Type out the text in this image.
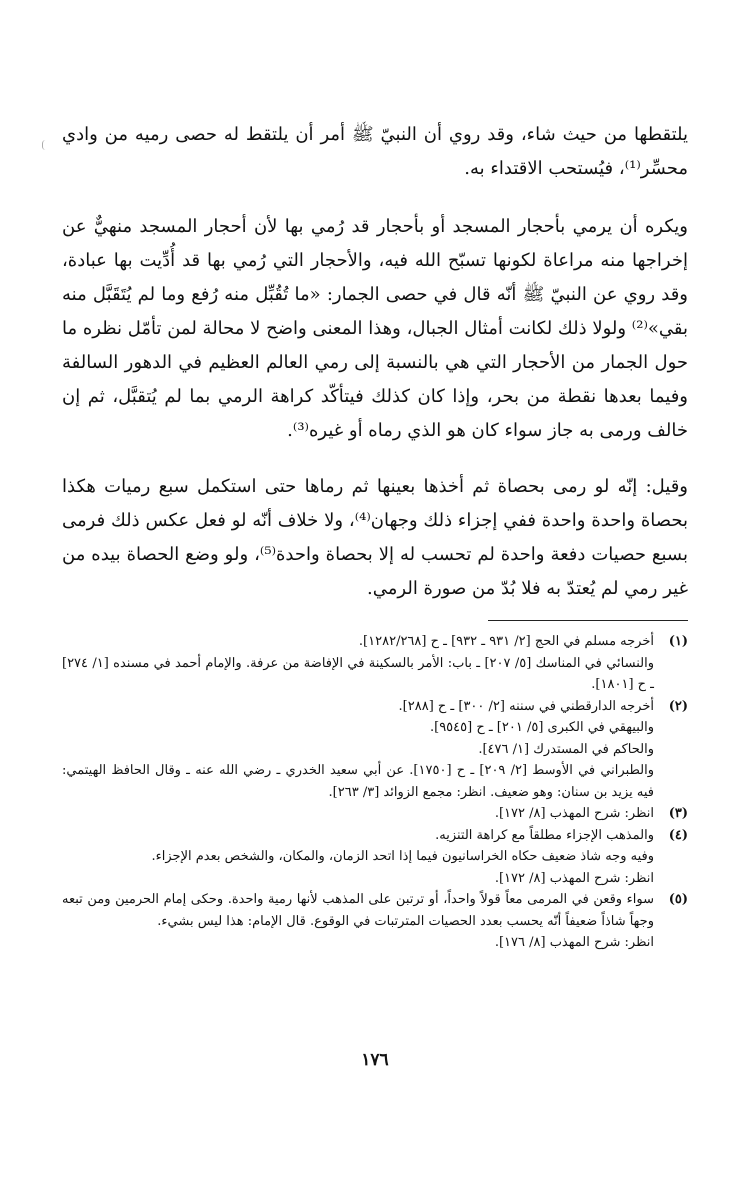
يلتقطها من حيث شاء، وقد روي أن النبيّ ﷺ أمر أن يلتقط له حصى رميه من وادي محسِّر⁽¹⁾، فيُستحب الاقتداء به.

ويكره أن يرمي بأحجار المسجد أو بأحجار قد رُمي بها لأن أحجار المسجد منهيٌّ عن إخراجها منه مراعاة لكونها تسبّح الله فيه، والأحجار التي رُمي بها قد أُدِّيت بها عبادة، وقد روي عن النبيّ ﷺ أنّه قال في حصى الجمار: «ما تُقُبِّل منه رُفع وما لم يُتَقَبَّل منه بقي»⁽²⁾ ولولا ذلك لكانت أمثال الجبال، وهذا المعنى واضح لا محالة لمن تأمّل نظره ما حول الجمار من الأحجار التي هي بالنسبة إلى رمي العالم العظيم في الدهور السالفة وفيما بعدها نقطة من بحر، وإذا كان كذلك فيتأكّد كراهة الرمي بما لم يُتقبَّل، ثم إن خالف ورمى به جاز سواء كان هو الذي رماه أو غيره⁽³⁾.

وقيل: إنّه لو رمى بحصاة ثم أخذها بعينها ثم رماها حتى استكمل سبع رميات هكذا بحصاة واحدة واحدة ففي إجزاء ذلك وجهان⁽⁴⁾، ولا خلاف أنّه لو فعل عكس ذلك فرمى بسبع حصيات دفعة واحدة لم تحسب له إلا بحصاة واحدة⁽⁵⁾، ولو وضع الحصاة بيده من غير رمي لم يُعتدّ به فلا بُدّ من صورة الرمي.

(١)
أخرجه مسلم في الحج [٢/ ٩٣١ ـ ٩٣٢] ـ ح [١٢٨٢/٢٦٨].
والنسائي في المناسك [٥/ ٢٠٧] ـ باب: الأمر بالسكينة في الإفاضة من عرفة. والإمام أحمد في مسنده [١/ ٢٧٤] ـ ح [١٨٠١].
(٢)
أخرجه الدارقطني في سننه [٢/ ٣٠٠] ـ ح [٢٨٨].
والبيهقي في الكبرى [٥/ ٢٠١] ـ ح [٩٥٤٥].
والحاكم في المستدرك [١/ ٤٧٦].
والطبراني في الأوسط [٢/ ٢٠٩] ـ ح [١٧٥٠]. عن أبي سعيد الخدري ـ رضي الله عنه ـ وقال الحافظ الهيتمي: فيه يزيد بن سنان: وهو ضعيف. انظر: مجمع الزوائد [٣/ ٢٦٣].
(٣)
انظر: شرح المهذب [٨/ ١٧٢].
(٤)
والمذهب الإجزاء مطلقاً مع كراهة التنزيه.
وفيه وجه شاذ ضعيف حكاه الخراسانيون فيما إذا اتحد الزمان، والمكان، والشخص بعدم الإجزاء.
انظر: شرح المهذب [٨/ ١٧٢].
(٥)
سواء وقعن في المرمى معاً قولاً واحداً، أو ترتبن على المذهب لأنها رمية واحدة. وحكى إمام الحرمين ومن تبعه وجهاً شاذاً ضعيفاً أنّه يحسب بعدد الحصيات المترتبات في الوقوع. قال الإمام: هذا ليس بشيء.
انظر: شرح المهذب [٨/ ١٧٦].
١٧٦
